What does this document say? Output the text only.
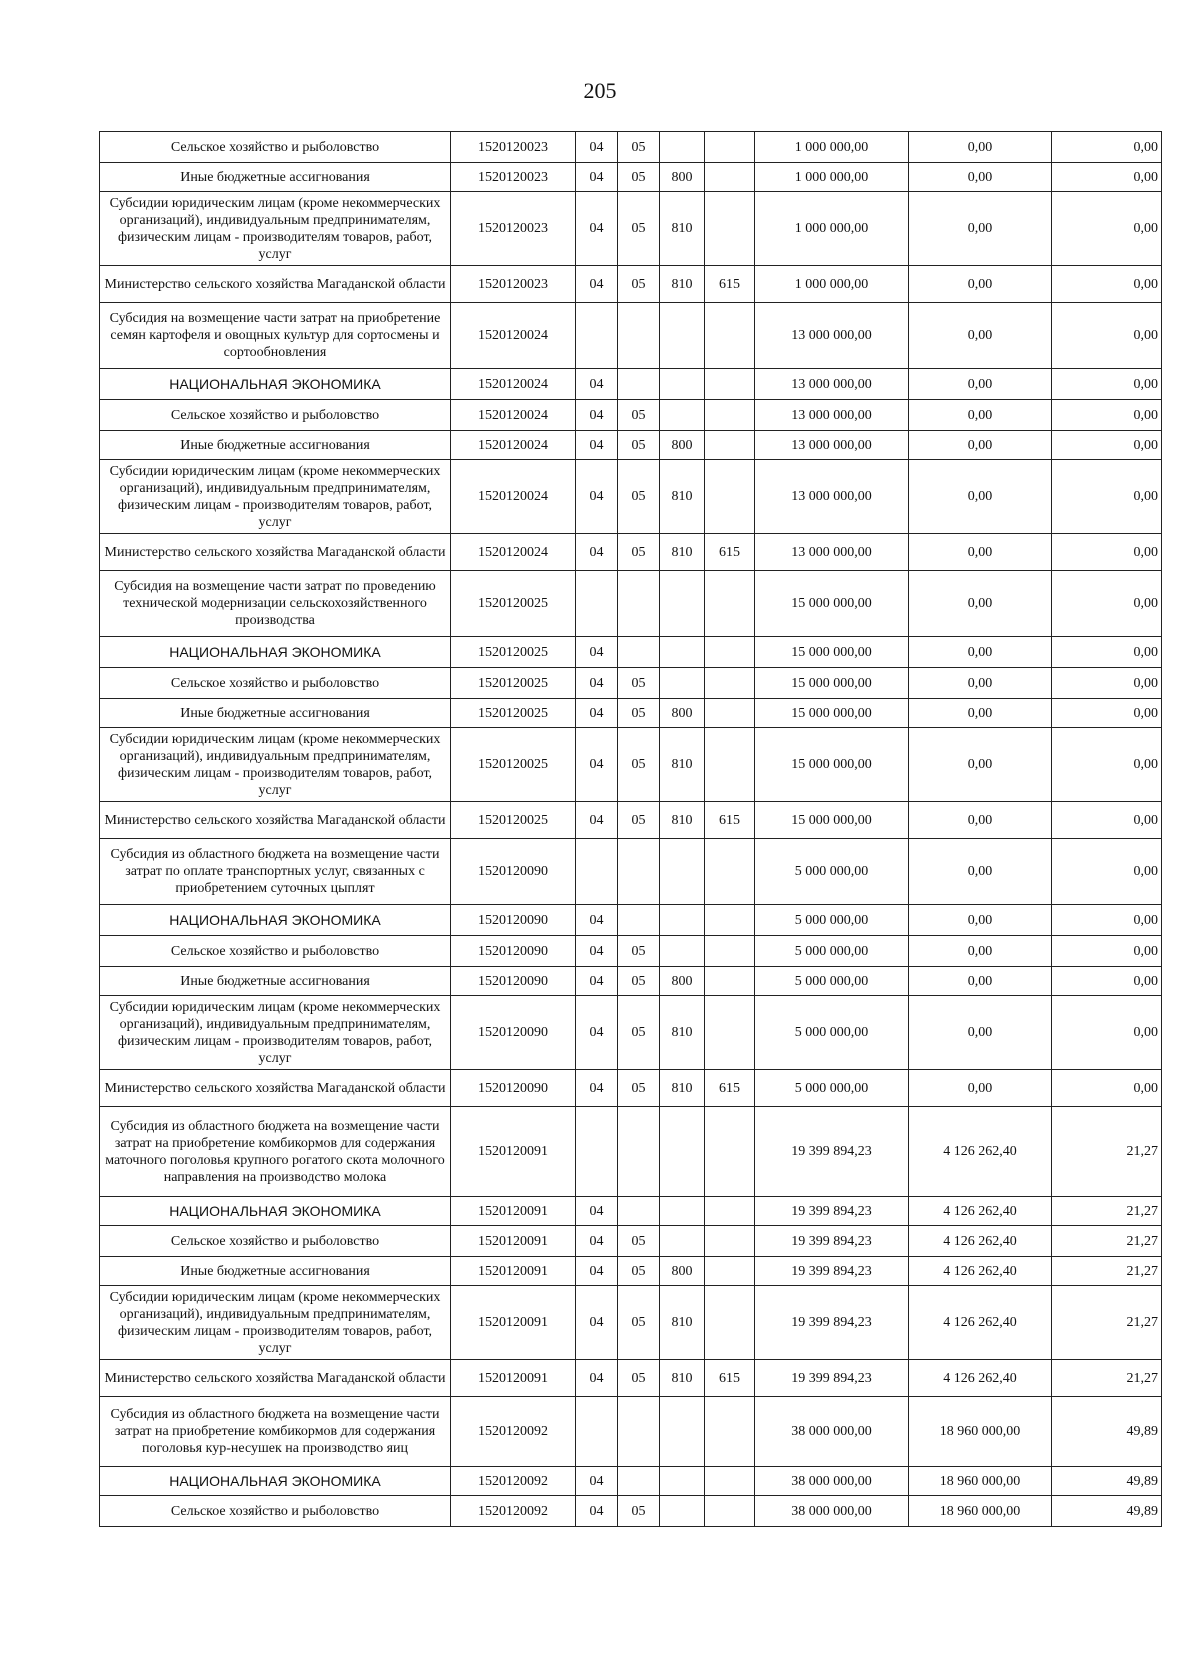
205
Сельское хозяйство и рыболовство	1520120023	04	05			1 000 000,00	0,00	0,00
Иные бюджетные ассигнования	1520120023	04	05	800		1 000 000,00	0,00	0,00
Субсидии юридическим лицам (кроме некоммерческих организаций), индивидуальным предпринимателям, физическим лицам - производителям товаров, работ, услуг	1520120023	04	05	810		1 000 000,00	0,00	0,00
Министерство сельского хозяйства Магаданской области	1520120023	04	05	810	615	1 000 000,00	0,00	0,00
Субсидия на возмещение части затрат на приобретение семян картофеля и овощных культур для сортосмены и сортообновления	1520120024					13 000 000,00	0,00	0,00
НАЦИОНАЛЬНАЯ ЭКОНОМИКА	1520120024	04				13 000 000,00	0,00	0,00
Сельское хозяйство и рыболовство	1520120024	04	05			13 000 000,00	0,00	0,00
Иные бюджетные ассигнования	1520120024	04	05	800		13 000 000,00	0,00	0,00
Субсидии юридическим лицам (кроме некоммерческих организаций), индивидуальным предпринимателям, физическим лицам - производителям товаров, работ, услуг	1520120024	04	05	810		13 000 000,00	0,00	0,00
Министерство сельского хозяйства Магаданской области	1520120024	04	05	810	615	13 000 000,00	0,00	0,00
Субсидия на возмещение части затрат по проведению технической модернизации сельскохозяйственного производства	1520120025					15 000 000,00	0,00	0,00
НАЦИОНАЛЬНАЯ ЭКОНОМИКА	1520120025	04				15 000 000,00	0,00	0,00
Сельское хозяйство и рыболовство	1520120025	04	05			15 000 000,00	0,00	0,00
Иные бюджетные ассигнования	1520120025	04	05	800		15 000 000,00	0,00	0,00
Субсидии юридическим лицам (кроме некоммерческих организаций), индивидуальным предпринимателям, физическим лицам - производителям товаров, работ, услуг	1520120025	04	05	810		15 000 000,00	0,00	0,00
Министерство сельского хозяйства Магаданской области	1520120025	04	05	810	615	15 000 000,00	0,00	0,00
Субсидия из областного бюджета на возмещение части затрат по оплате транспортных услуг, связанных с приобретением суточных цыплят	1520120090					5 000 000,00	0,00	0,00
НАЦИОНАЛЬНАЯ ЭКОНОМИКА	1520120090	04				5 000 000,00	0,00	0,00
Сельское хозяйство и рыболовство	1520120090	04	05			5 000 000,00	0,00	0,00
Иные бюджетные ассигнования	1520120090	04	05	800		5 000 000,00	0,00	0,00
Субсидии юридическим лицам (кроме некоммерческих организаций), индивидуальным предпринимателям, физическим лицам - производителям товаров, работ, услуг	1520120090	04	05	810		5 000 000,00	0,00	0,00
Министерство сельского хозяйства Магаданской области	1520120090	04	05	810	615	5 000 000,00	0,00	0,00
Субсидия из областного бюджета на возмещение части затрат на приобретение комбикормов для содержания маточного поголовья крупного рогатого скота молочного направления на производство молока	1520120091					19 399 894,23	4 126 262,40	21,27
НАЦИОНАЛЬНАЯ ЭКОНОМИКА	1520120091	04				19 399 894,23	4 126 262,40	21,27
Сельское хозяйство и рыболовство	1520120091	04	05			19 399 894,23	4 126 262,40	21,27
Иные бюджетные ассигнования	1520120091	04	05	800		19 399 894,23	4 126 262,40	21,27
Субсидии юридическим лицам (кроме некоммерческих организаций), индивидуальным предпринимателям, физическим лицам - производителям товаров, работ, услуг	1520120091	04	05	810		19 399 894,23	4 126 262,40	21,27
Министерство сельского хозяйства Магаданской области	1520120091	04	05	810	615	19 399 894,23	4 126 262,40	21,27
Субсидия из областного бюджета на возмещение части затрат на приобретение комбикормов для содержания поголовья кур-несушек на производство яиц	1520120092					38 000 000,00	18 960 000,00	49,89
НАЦИОНАЛЬНАЯ ЭКОНОМИКА	1520120092	04				38 000 000,00	18 960 000,00	49,89
Сельское хозяйство и рыболовство	1520120092	04	05			38 000 000,00	18 960 000,00	49,89
